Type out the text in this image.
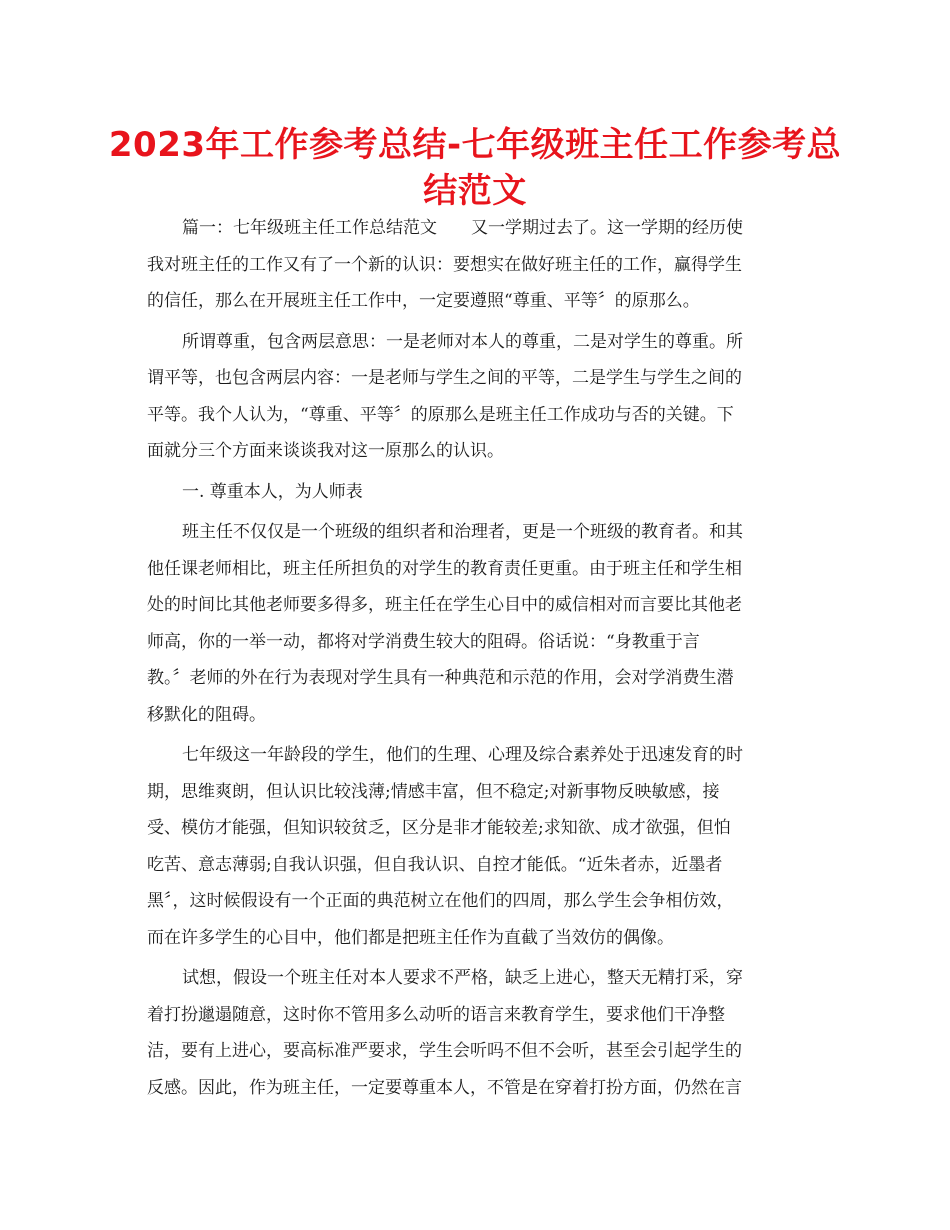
2023年工作参考总结-七年级班主任工作参考总
结范文
篇一：七年级班主任工作总结范文　　又一学期过去了。这一学期的经历使
我对班主任的工作又有了一个新的认识：要想实在做好班主任的工作，赢得学生
的信任，那么在开展班主任工作中，一定要遵照“尊重、平等〞的原那么。
所谓尊重，包含两层意思：一是老师对本人的尊重，二是对学生的尊重。所
谓平等，也包含两层内容：一是老师与学生之间的平等，二是学生与学生之间的
平等。我个人认为，“尊重、平等〞的原那么是班主任工作成功与否的关键。下
面就分三个方面来谈谈我对这一原那么的认识。
一. 尊重本人，为人师表
班主任不仅仅是一个班级的组织者和治理者，更是一个班级的教育者。和其
他任课老师相比，班主任所担负的对学生的教育责任更重。由于班主任和学生相
处的时间比其他老师要多得多，班主任在学生心目中的威信相对而言要比其他老
师高，你的一举一动，都将对学消费生较大的阻碍。俗话说：“身教重于言
教。〞老师的外在行为表现对学生具有一种典范和示范的作用，会对学消费生潜
移默化的阻碍。
七年级这一年龄段的学生，他们的生理、心理及综合素养处于迅速发育的时
期，思维爽朗，但认识比较浅薄;情感丰富，但不稳定;对新事物反映敏感，接
受、模仿才能强，但知识较贫乏，区分是非才能较差;求知欲、成才欲强，但怕
吃苦、意志薄弱;自我认识强，但自我认识、自控才能低。“近朱者赤，近墨者
黑〞，这时候假设有一个正面的典范树立在他们的四周，那么学生会争相仿效，
而在许多学生的心目中，他们都是把班主任作为直截了当效仿的偶像。
试想，假设一个班主任对本人要求不严格，缺乏上进心，整天无精打采，穿
着打扮邋遢随意，这时你不管用多么动听的语言来教育学生，要求他们干净整
洁，要有上进心，要高标准严要求，学生会听吗不但不会听，甚至会引起学生的
反感。因此，作为班主任，一定要尊重本人，不管是在穿着打扮方面，仍然在言
